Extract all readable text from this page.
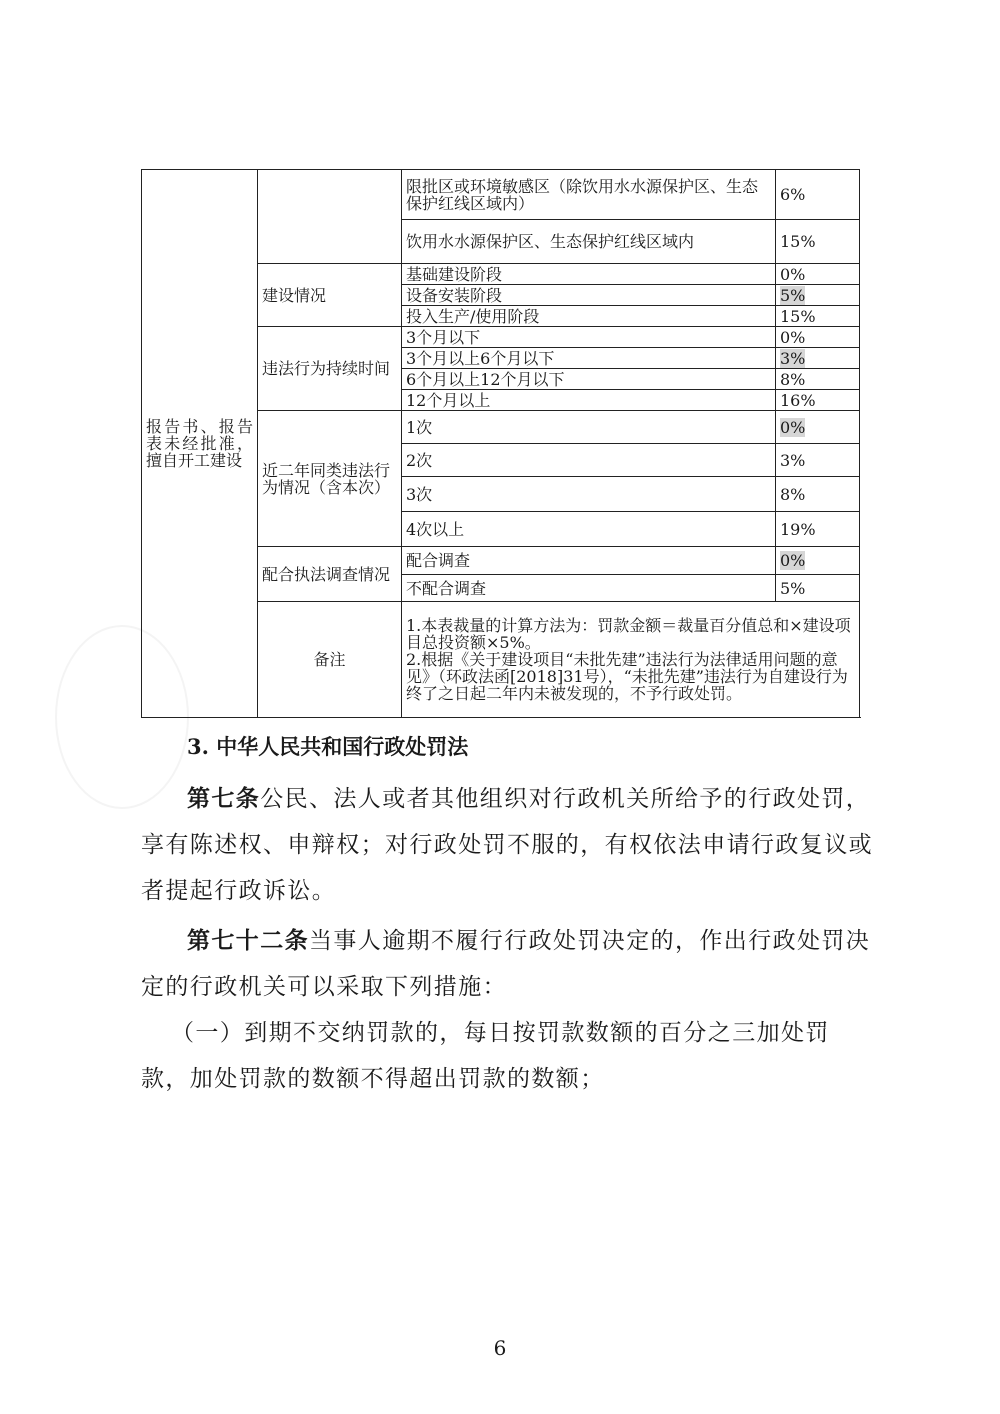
报告书、报告表未经批准，擅自开工建设		限批区或环境敏感区（除饮用水水源保护区、生态保护红线区域内）	6%
		饮用水水源保护区、生态保护红线区域内	15%
	建设情况	基础建设阶段	0%
		设备安装阶段	5%
		投入生产/使用阶段	15%
	违法行为持续时间	3个月以下	0%
		3个月以上6个月以下	3%
		6个月以上12个月以下	8%
		12个月以上	16%
	近二年同类违法行为情况（含本次）	1次	0%
		2次	3%
		3次	8%
		4次以上	19%
	配合执法调查情况	配合调查	0%
		不配合调查	5%
	备注	1.本表裁量的计算方法为：罚款金额＝裁量百分值总和×建设项目总投资额×5%。
2.根据《关于建设项目“未批先建”违法行为法律适用问题的意见》（环政法函[2018]31号），“未批先建”违法行为自建设行为终了之日起二年内未被发现的，不予行政处罚。	
3. 中华人民共和国行政处罚法

第七条公民、法人或者其他组织对行政机关所给予的行政处罚，享有陈述权、申辩权；对行政处罚不服的，有权依法申请行政复议或者提起行政诉讼。

第七十二条当事人逾期不履行行政处罚决定的，作出行政处罚决定的行政机关可以采取下列措施：

（一）到期不交纳罚款的，每日按罚款数额的百分之三加处罚款，加处罚款的数额不得超出罚款的数额；

6
